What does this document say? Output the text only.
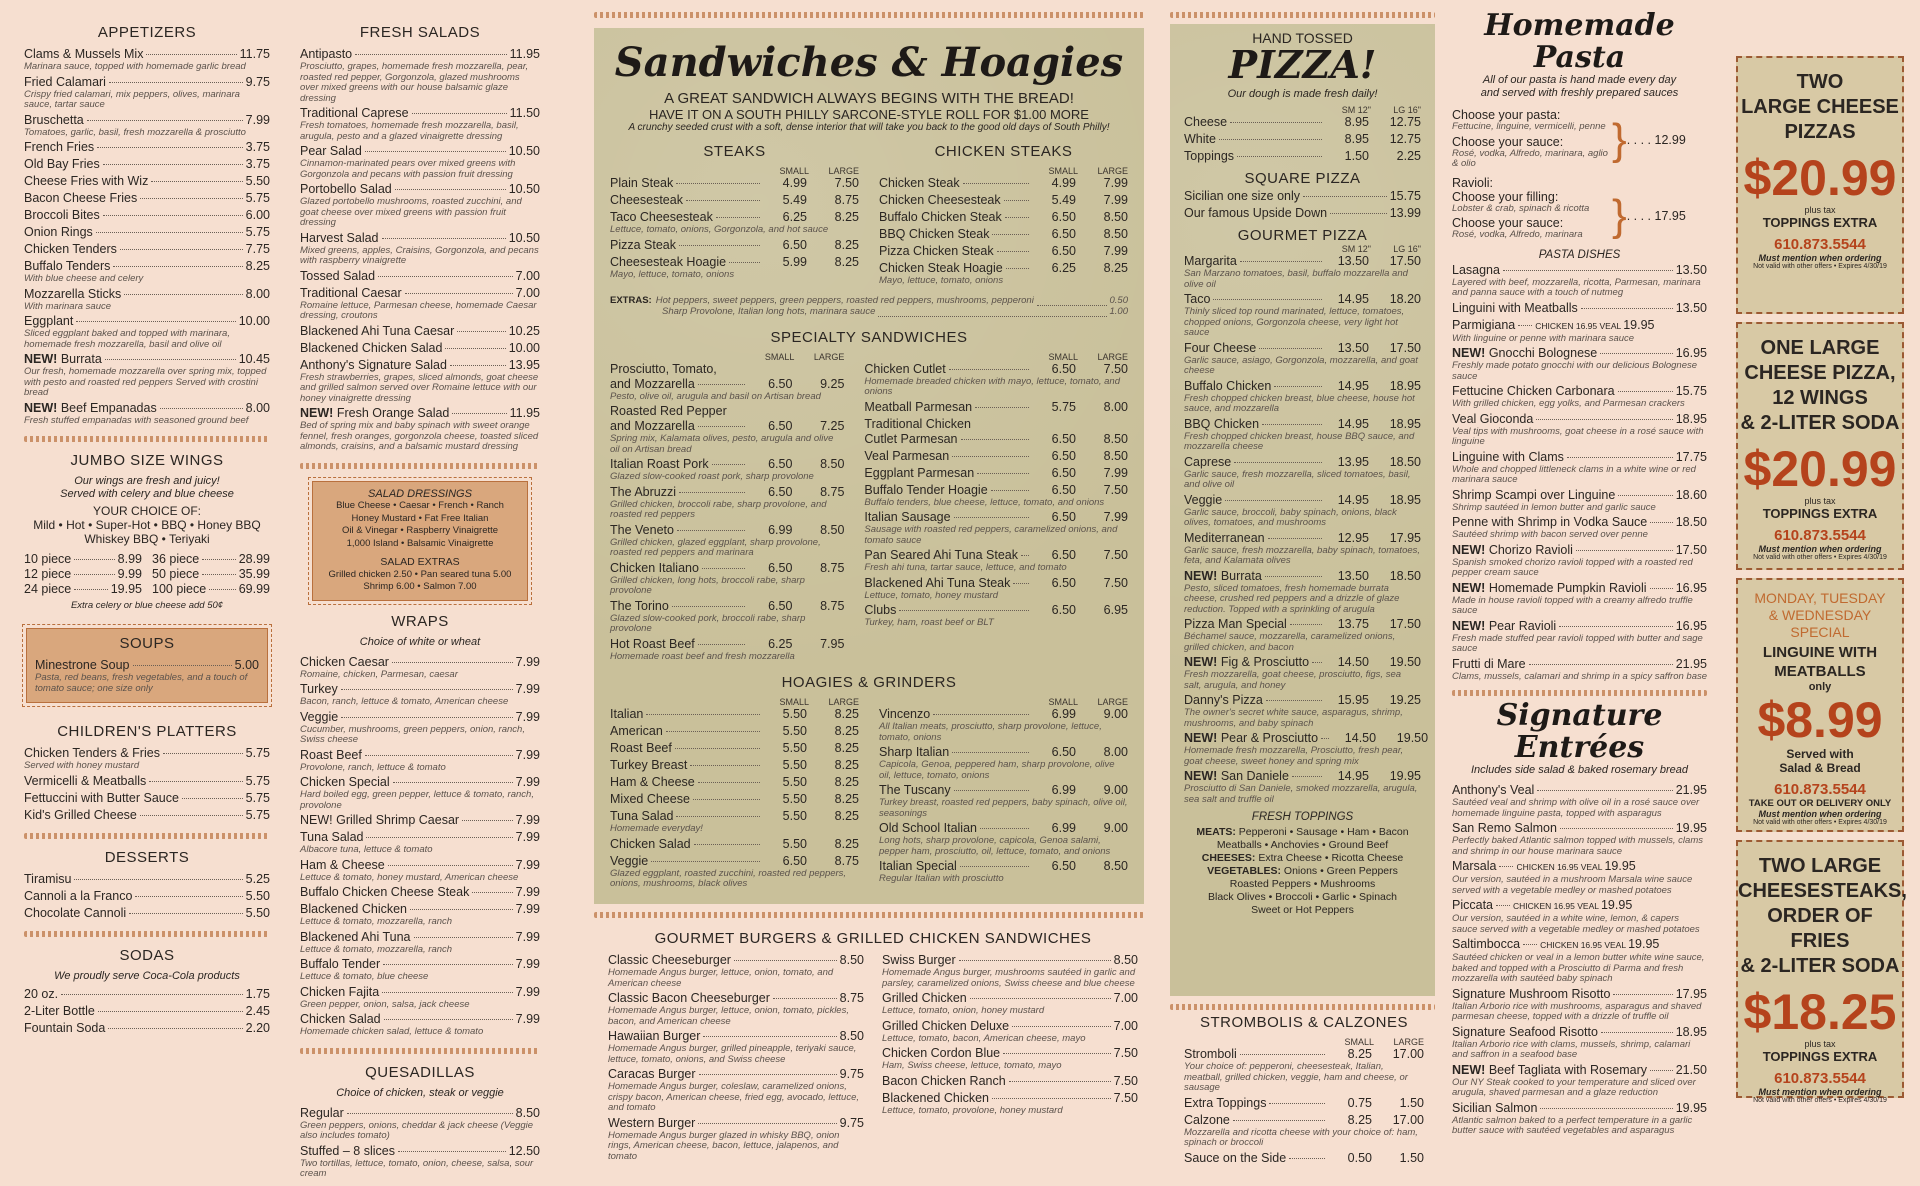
APPETIZERS
Clams & Mussels Mix	11.75
Marinara sauce, topped with homemade garlic bread
Fried Calamari	9.75
Crispy fried calamari, mix peppers, olives, marinara sauce, tartar sauce
Bruschetta	7.99
Tomatoes, garlic, basil, fresh mozzarella & prosciutto
French Fries	3.75
Old Bay Fries	3.75
Cheese Fries with Wiz	5.50
Bacon Cheese Fries	5.75
Broccoli Bites	6.00
Onion Rings	5.75
Chicken Tenders	7.75
Buffalo Tenders	8.25
With blue cheese and celery
Mozzarella Sticks	8.00
With marinara sauce
Eggplant	10.00
Sliced eggplant baked and topped with marinara, homemade fresh mozzarella, basil and olive oil
NEW! Burrata	10.45
Our fresh, homemade mozzarella over spring mix, topped with pesto and roasted red peppers Served with crostini bread
NEW! Beef Empanadas	8.00
Fresh stuffed empanadas with seasoned ground beef
JUMBO SIZE WINGS
Our wings are fresh and juicy!
Served with celery and blue cheese
YOUR CHOICE OF:
Mild • Hot • Super-Hot • BBQ • Honey BBQ
Whiskey BBQ • Teriyaki
10 piece	8.99 36 piece	28.99
12 piece	9.99 50 piece	35.99
24 piece	19.95 100 piece	69.99
Extra celery or blue cheese add 50¢
SOUPS
Minestrone Soup	5.00
Pasta, red beans, fresh vegetables, and a touch of tomato sauce; one size only
CHILDREN'S PLATTERS
Chicken Tenders & Fries	5.75
Served with honey mustard
Vermicelli & Meatballs	5.75
Fettuccini with Butter Sauce	5.75
Kid's Grilled Cheese	5.75
DESSERTS
Tiramisu	5.25
Cannoli a la Franco	5.50
Chocolate Cannoli	5.50
SODAS
We proudly serve Coca-Cola products
20 oz.	1.75
2-Liter Bottle	2.45
Fountain Soda	2.20
FRESH SALADS
Antipasto	11.95
Prosciutto, grapes, homemade fresh mozzarella, pear, roasted red pepper, Gorgonzola, glazed mushrooms over mixed greens with our house balsamic glaze dressing
Traditional Caprese	11.50
Fresh tomatoes, homemade fresh mozzarella, basil, arugula, pesto and a glazed vinaigrette dressing
Pear Salad	10.50
Cinnamon-marinated pears over mixed greens with Gorgonzola and pecans with passion fruit dressing
Portobello Salad	10.50
Glazed portobello mushrooms, roasted zucchini, and goat cheese over mixed greens with passion fruit dressing
Harvest Salad	10.50
Mixed greens, apples, Craisins, Gorgonzola, and pecans with raspberry vinaigrette
Tossed Salad	7.00
Traditional Caesar	7.00
Romaine lettuce, Parmesan cheese, homemade Caesar dressing, croutons
Blackened Ahi Tuna Caesar	10.25
Blackened Chicken Salad	10.00
Anthony's Signature Salad	13.95
Fresh strawberries, grapes, sliced almonds, goat cheese and grilled salmon served over Romaine lettuce with our honey vinaigrette dressing
NEW! Fresh Orange Salad	11.95
Bed of spring mix and baby spinach with sweet orange fennel, fresh oranges, gorgonzola cheese, toasted sliced almonds, craisins, and a balsamic mustard dressing
SALAD DRESSINGS
Blue Cheese • Caesar • French • Ranch
Honey Mustard • Fat Free Italian
Oil & Vinegar • Raspberry Vinaigrette
1,000 Island • Balsamic Vinaigrette
SALAD EXTRAS
Grilled chicken 2.50 • Pan seared tuna 5.00
Shrimp 6.00 • Salmon 7.00
WRAPS
Choice of white or wheat
Chicken Caesar	7.99
Romaine, chicken, Parmesan, caesar
Turkey	7.99
Bacon, ranch, lettuce & tomato, American cheese
Veggie	7.99
Cucumber, mushrooms, green peppers, onion, ranch, Swiss cheese
Roast Beef	7.99
Provolone, ranch, lettuce & tomato
Chicken Special	7.99
Hard boiled egg, green pepper, lettuce & tomato, ranch, provolone
NEW! Grilled Shrimp Caesar	7.99
Tuna Salad	7.99
Albacore tuna, lettuce & tomato
Ham & Cheese	7.99
Lettuce & tomato, honey mustard, American cheese
Buffalo Chicken Cheese Steak	7.99
Blackened Chicken	7.99
Lettuce & tomato, mozzarella, ranch
Blackened Ahi Tuna	7.99
Lettuce & tomato, mozzarella, ranch
Buffalo Tender	7.99
Lettuce & tomato, blue cheese
Chicken Fajita	7.99
Green pepper, onion, salsa, jack cheese
Chicken Salad	7.99
Homemade chicken salad, lettuce & tomato
QUESADILLAS
Choice of chicken, steak or veggie
Regular	8.50
Green peppers, onions, cheddar & jack cheese (Veggie also includes tomato)
Stuffed – 8 slices	12.50
Two tortillas, lettuce, tomato, onion, cheese, salsa, sour cream
Sandwiches & Hoagies
A GREAT SANDWICH ALWAYS BEGINS WITH THE BREAD!
HAVE IT ON A SOUTH PHILLY SARCONE-STYLE ROLL FOR $1.00 MORE
A crunchy seeded crust with a soft, dense interior that will take you back to the good old days of South Philly!
STEAKS
SMALL	LARGE
Plain Steak	4.99	7.50
Cheesesteak	5.49	8.75
Taco Cheesesteak	6.25	8.25
Lettuce, tomato, onions, Gorgonzola, and hot sauce
Pizza Steak	6.50	8.25
Cheesesteak Hoagie	5.99	8.25
Mayo, lettuce, tomato, onions
CHICKEN STEAKS
SMALL	LARGE
Chicken Steak	4.99	7.99
Chicken Cheesesteak	5.49	7.99
Buffalo Chicken Steak	6.50	8.50
BBQ Chicken Steak	6.50	8.50
Pizza Chicken Steak	6.50	7.99
Chicken Steak Hoagie	6.25	8.25
Mayo, lettuce, tomato, onions
EXTRAS: Hot peppers, sweet peppers, green peppers, roasted red peppers, mushrooms, pepperoni	0.50
Sharp Provolone, Italian long hots, marinara sauce	1.00
SPECIALTY SANDWICHES
SMALL	LARGE
Prosciutto, Tomato,
and Mozzarella	6.50	9.25
Pesto, olive oil, arugula and basil on Artisan bread
Roasted Red Pepper
and Mozzarella	6.50	7.25
Spring mix, Kalamata olives, pesto, arugula and olive oil on Artisan bread
Italian Roast Pork	6.50	8.50
Glazed slow-cooked roast pork, sharp provolone
The Abruzzi	6.50	8.75
Grilled chicken, broccoli rabe, sharp provolone, and roasted red peppers
The Veneto	6.99	8.50
Grilled chicken, glazed eggplant, sharp provolone, roasted red peppers and marinara
Chicken Italiano	6.50	8.75
Grilled chicken, long hots, broccoli rabe, sharp provolone
The Torino	6.50	8.75
Glazed slow-cooked pork, broccoli rabe, sharp provolone
Hot Roast Beef	6.25	7.95
Homemade roast beef and fresh mozzarella
SMALL	LARGE
Chicken Cutlet	6.50	7.50
Homemade breaded chicken with mayo, lettuce, tomato, and onions
Meatball Parmesan	5.75	8.00
Traditional Chicken
Cutlet Parmesan	6.50	8.50
Veal Parmesan	6.50	8.50
Eggplant Parmesan	6.50	7.99
Buffalo Tender Hoagie	6.50	7.50
Buffalo tenders, blue cheese, lettuce, tomato, and onions
Italian Sausage	6.50	7.99
Sausage with roasted red peppers, caramelized onions, and tomato sauce
Pan Seared Ahi Tuna Steak	6.50	7.50
Fresh ahi tuna, tartar sauce, lettuce, and tomato
Blackened Ahi Tuna Steak	6.50	7.50
Lettuce, tomato, honey mustard
Clubs	6.50	6.95
Turkey, ham, roast beef or BLT
HOAGIES & GRINDERS
SMALL	LARGE
Italian	5.50	8.25
American	5.50	8.25
Roast Beef	5.50	8.25
Turkey Breast	5.50	8.25
Ham & Cheese	5.50	8.25
Mixed Cheese	5.50	8.25
Tuna Salad	5.50	8.25
Homemade everyday!
Chicken Salad	5.50	8.25
Veggie	6.50	8.75
Glazed eggplant, roasted zucchini, roasted red peppers, onions, mushrooms, black olives
SMALL	LARGE
Vincenzo	6.99	9.00
All Italian meats, prosciutto, sharp provolone, lettuce, tomato, onions
Sharp Italian	6.50	8.00
Capicola, Genoa, peppered ham, sharp provolone, olive oil, lettuce, tomato, onions
The Tuscany	6.99	9.00
Turkey breast, roasted red peppers, baby spinach, olive oil, seasonings
Old School Italian	6.99	9.00
Long hots, sharp provolone, capicola, Genoa salami, pepper ham, prosciutto, oil, lettuce, tomato, and onions
Italian Special	6.50	8.50
Regular Italian with prosciutto
GOURMET BURGERS & GRILLED CHICKEN SANDWICHES
Classic Cheeseburger	8.50
Homemade Angus burger, lettuce, onion, tomato, and American cheese
Classic Bacon Cheeseburger	8.75
Homemade Angus burger, lettuce, onion, tomato, pickles, bacon, and American cheese
Hawaiian Burger	8.50
Homemade Angus burger, grilled pineapple, teriyaki sauce, lettuce, tomato, onions, and Swiss cheese
Caracas Burger	9.75
Homemade Angus burger, coleslaw, caramelized onions, crispy bacon, American cheese, fried egg, avocado, lettuce, and tomato
Western Burger	9.75
Homemade Angus burger glazed in whisky BBQ, onion rings, American cheese, bacon, lettuce, jalapenos, and tomato
Swiss Burger	8.50
Homemade Angus burger, mushrooms sautéed in garlic and parsley, caramelized onions, Swiss cheese and blue cheese
Grilled Chicken	7.00
Lettuce, tomato, onion, honey mustard
Grilled Chicken Deluxe	7.00
Lettuce, tomato, bacon, American cheese, mayo
Chicken Cordon Blue	7.50
Ham, Swiss cheese, lettuce, tomato, mayo
Bacon Chicken Ranch	7.50
Blackened Chicken	7.50
Lettuce, tomato, provolone, honey mustard
HAND TOSSED
PIZZA!
Our dough is made fresh daily!
SM 12"	LG 16"
Cheese	8.95	12.75
White	8.95	12.75
Toppings	1.50	2.25
SQUARE PIZZA
Sicilian one size only	15.75
Our famous Upside Down	13.99
GOURMET PIZZA
SM 12"	LG 16"
Margarita	13.50	17.50
San Marzano tomatoes, basil, buffalo mozzarella and olive oil
Taco	14.95	18.20
Thinly sliced top round marinated, lettuce, tomatoes, chopped onions, Gorgonzola cheese, very light hot sauce
Four Cheese	13.50	17.50
Garlic sauce, asiago, Gorgonzola, mozzarella, and goat cheese
Buffalo Chicken	14.95	18.95
Fresh chopped chicken breast, blue cheese, house hot sauce, and mozzarella
BBQ Chicken	14.95	18.95
Fresh chopped chicken breast, house BBQ sauce, and mozzarella cheese
Caprese	13.95	18.50
Garlic sauce, fresh mozzarella, sliced tomatoes, basil, and olive oil
Veggie	14.95	18.95
Garlic sauce, broccoli, baby spinach, onions, black olives, tomatoes, and mushrooms
Mediterranean	12.95	17.95
Garlic sauce, fresh mozzarella, baby spinach, tomatoes, feta, and Kalamata olives
NEW! Burrata	13.50	18.50
Pesto, sliced tomatoes, fresh homemade burrata cheese, crushed red peppers and a drizzle of glaze reduction. Topped with a sprinkling of arugula
Pizza Man Special	13.75	17.50
Béchamel sauce, mozzarella, caramelized onions, grilled chicken, and bacon
NEW! Fig & Prosciutto	14.50	19.50
Fresh mozzarella, goat cheese, prosciutto, figs, sea salt, arugula, and honey
Danny's Pizza	15.95	19.25
The owner's secret white sauce, asparagus, shrimp, mushrooms, and baby spinach
NEW! Pear & Prosciutto	14.50	19.50
Homemade fresh mozzarella, Prosciutto, fresh pear, goat cheese, sweet honey and spring mix
NEW! San Daniele	14.95	19.95
Prosciutto di San Daniele, smoked mozzarella, arugula, sea salt and truffle oil
FRESH TOPPINGS
MEATS: Pepperoni • Sausage • Ham • Bacon
Meatballs • Anchovies • Ground Beef
CHEESES: Extra Cheese • Ricotta Cheese
VEGETABLES: Onions • Green Peppers
Roasted Peppers • Mushrooms
Black Olives • Broccoli • Garlic • Spinach
Sweet or Hot Peppers
STROMBOLIS & CALZONES
SMALL	LARGE
Stromboli	8.25	17.00
Your choice of: pepperoni, cheesesteak, Italian, meatball, grilled chicken, veggie, ham and cheese, or sausage
Extra Toppings	0.75	1.50
Calzone	8.25	17.00
Mozzarella and ricotta cheese with your choice of: ham, spinach or broccoli
Sauce on the Side	0.50	1.50
Homemade Pasta
All of our pasta is hand made every day
and served with freshly prepared sauces
Choose your pasta:
Fettucine, linguine, vermicelli, penne
Choose your sauce:
Rosé, vodka, Alfredo, marinara, aglio & olio	} . . . . 12.99
Ravioli:
Choose your filling:
Lobster & crab, spinach & ricotta
Choose your sauce:
Rosé, vodka, Alfredo, marinara } . . . . 17.95
PASTA DISHES
Lasagna	13.50
Layered with beef, mozzarella, ricotta, Parmesan, marinara and panna sauce with a touch of nutmeg
Linguini with Meatballs	13.50
Parmigiana CHICKEN 16.95 VEAL 19.95
With linguine or penne with marinara sauce
NEW! Gnocchi Bolognese	16.95
Freshly made potato gnocchi with our delicious Bolognese sauce
Fettucine Chicken Carbonara	15.75
With grilled chicken, egg yolks, and Parmesan crackers
Veal Gioconda	18.95
Veal tips with mushrooms, goat cheese in a rosé sauce with linguine
Linguine with Clams	17.75
Whole and chopped littleneck clams in a white wine or red marinara sauce
Shrimp Scampi over Linguine	18.60
Shrimp sautéed in lemon butter and garlic sauce
Penne with Shrimp in Vodka Sauce 18.50
Sautéed shrimp with bacon served over penne
NEW! Chorizo Ravioli	17.50
Spanish smoked chorizo ravioli topped with a roasted red pepper cream sauce
NEW! Homemade Pumpkin Ravioli 16.95
Made in house ravioli topped with a creamy alfredo truffle sauce
NEW! Pear Ravioli	16.95
Fresh made stuffed pear ravioli topped with butter and sage sauce
Frutti di Mare	21.95
Clams, mussels, calamari and shrimp in a spicy saffron base
Signature Entrées
Includes side salad & baked rosemary bread
Anthony's Veal	21.95
Sautéed veal and shrimp with olive oil in a rosé sauce over homemade linguine pasta, topped with asparagus
San Remo Salmon	19.95
Perfectly baked Atlantic salmon topped with mussels, clams and shrimp in our house marinara sauce
Marsala CHICKEN 16.95 VEAL 19.95
Our version, sautéed in a mushroom Marsala wine sauce served with a vegetable medley or mashed potatoes
Piccata CHICKEN 16.95 VEAL 19.95
Our version, sautéed in a white wine, lemon, & capers sauce served with a vegetable medley or mashed potatoes
Saltimbocca CHICKEN 16.95 VEAL 19.95
Sautéed chicken or veal in a lemon butter white wine sauce, baked and topped with a Prosciutto di Parma and fresh mozzarella with sautéed baby spinach
Signature Mushroom Risotto	17.95
Italian Arborio rice with mushrooms, asparagus and shaved parmesan cheese, topped with a drizzle of truffle oil
Signature Seafood Risotto	18.95
Italian Arborio rice with clams, mussels, shrimp, calamari and saffron in a seafood base
NEW! Beef Tagliata with Rosemary 21.50
Our NY Steak cooked to your temperature and sliced over arugula, shaved parmesan and a glaze reduction
Sicilian Salmon	19.95
Atlantic salmon baked to a perfect temperature in a garlic butter sauce with sautéed vegetables and asparagus
TWO
LARGE CHEESE
PIZZAS
$20.99
plus tax
TOPPINGS EXTRA
610.873.5544
Must mention when ordering
Not valid with other offers • Expires 4/30/19
ONE LARGE
CHEESE PIZZA,
12 WINGS
& 2-LITER SODA
$20.99
plus tax
TOPPINGS EXTRA
610.873.5544
Must mention when ordering
Not valid with other offers • Expires 4/30/19
MONDAY, TUESDAY
& WEDNESDAY SPECIAL
LINGUINE WITH
MEATBALLS
only
$8.99
Served with
Salad & Bread
610.873.5544
TAKE OUT OR DELIVERY ONLY
Must mention when ordering
Not valid with other offers • Expires 4/30/19
TWO LARGE
CHEESESTEAKS,
ORDER OF FRIES
& 2-LITER SODA
$18.25
plus tax
TOPPINGS EXTRA
610.873.5544
Must mention when ordering
Not valid with other offers • Expires 4/30/19
